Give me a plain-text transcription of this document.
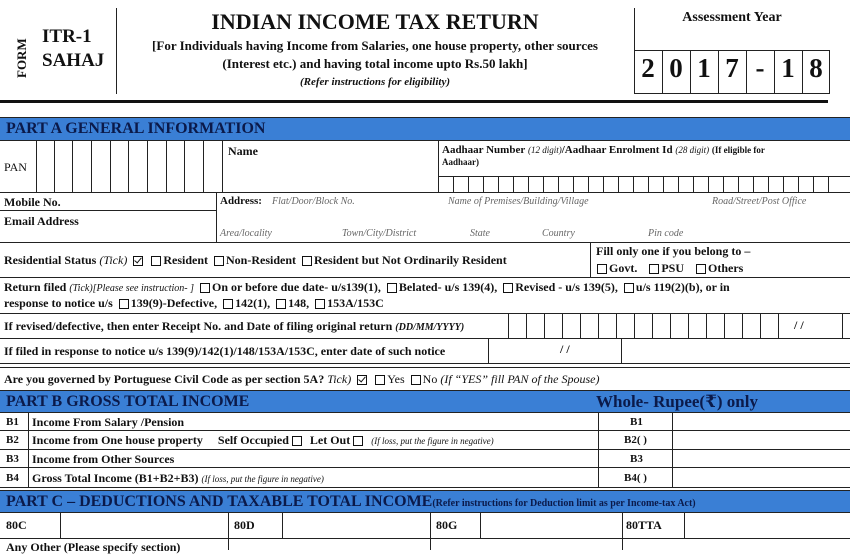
FORM
ITR-1
SAHAJ
INDIAN INCOME TAX RETURN
[For Individuals having Income from Salaries, one house property, other sources
(Interest etc.) and having total income upto Rs.50 lakh]
(Refer instructions for eligibility)
Assessment Year
2 0 1 7 - 1 8
PART A GENERAL INFORMATION
PAN
Name	Aadhaar Number (12 digit)/Aadhaar Enrolment Id (28 digit) (If eligible for
Aadhaar)
Mobile No.
Email Address
Address: Flat/Door/Block No.	Name of Premises/Building/Village	Road/Street/Post Office
Area/locality	Town/City/District	State	Country	Pin code
Residential Status (Tick)	Resident Non-Resident Resident but Not Ordinarily Resident
Fill only one if you belong to –
Govt. PSU Others
Return filed (Tick)[Please see instruction- ] On or before due date- u/s139(1), Belated- u/s 139(4), Revised - u/s 139(5), u/s 119(2)(b), or in
response to notice u/s 139(9)-Defective, 142(1), 148, 153A/153C
If revised/defective, then enter Receipt No. and Date of filing original return (DD/MM/YYYY)	/ /
If filed in response to notice u/s 139(9)/142(1)/148/153A/153C, enter date of such notice	/ /
Are you governed by Portuguese Civil Code as per section 5A? Tick)	Yes No (If “YES” fill PAN of the Spouse)
PART B GROSS TOTAL INCOME	Whole- Rupee(₹) only
B1 Income From Salary /Pension	B1
B2 Income from One house property Self Occupied Let Out (If loss, put the figure in negative)	B2( )
B3 Income from Other Sources	B3
B4 Gross Total Income (B1+B2+B3) (If loss, put the figure in negative)	B4( )
PART C – DEDUCTIONS AND TAXABLE TOTAL INCOME(Refer instructions for Deduction limit as per Income-tax Act)
80C	80D	80G	80TTA
Any Other (Please specify section)
